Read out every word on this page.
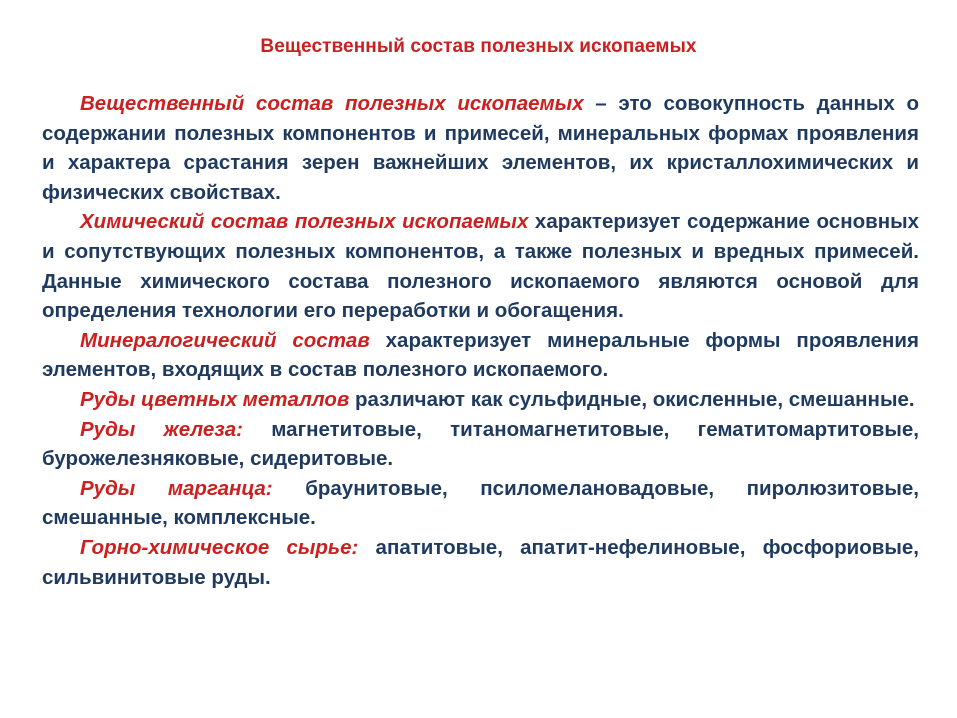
Вещественный состав полезных ископаемых

Вещественный состав полезных ископаемых – это совокупность данных о содержании полезных компонентов и примесей, минеральных формах проявления и характера срастания зерен важнейших элементов, их кристаллохимических и физических свойствах.

Химический состав полезных ископаемых характеризует содержание основных и сопутствующих полезных компонентов, а также полезных и вредных примесей. Данные химического состава полезного ископаемого являются основой для определения технологии его переработки и обогащения.

Минералогический состав характеризует минеральные формы проявления элементов, входящих в состав полезного ископаемого.

Руды цветных металлов различают как сульфидные, окисленные, смешанные.

Руды железа: магнетитовые, титаномагнетитовые, гематитомартитовые, бурожелезняковые, сидеритовые.

Руды марганца: браунитовые, псиломелановадовые, пиролюзитовые, смешанные, комплексные.

Горно-химическое сырье: апатитовые, апатит-нефелиновые, фосфориовые, сильвинитовые руды.
